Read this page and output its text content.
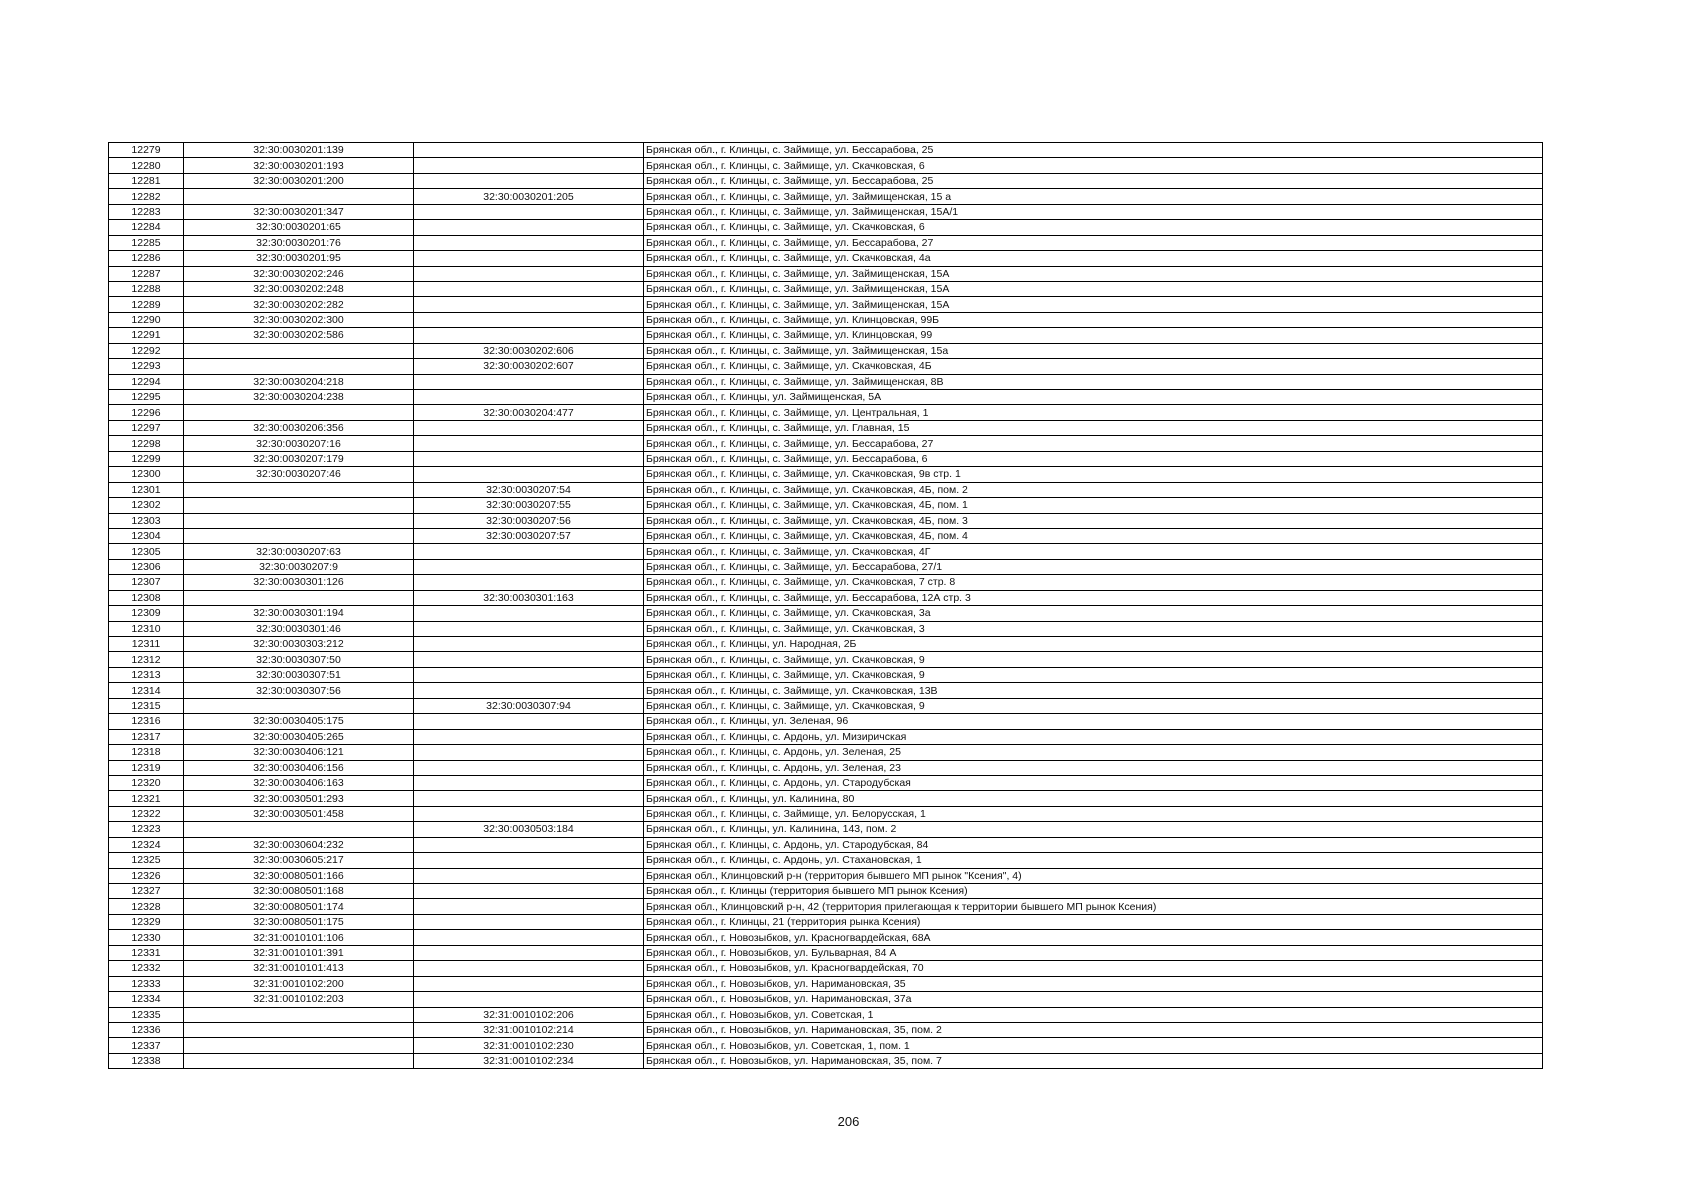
12279	32:30:0030201:139		Брянская обл., г. Клинцы, с. Займище, ул. Бессарабова, 25
12280	32:30:0030201:193		Брянская обл., г. Клинцы, с. Займище, ул. Скачковская, 6
12281	32:30:0030201:200		Брянская обл., г. Клинцы, с. Займище, ул. Бессарабова, 25
12282		32:30:0030201:205	Брянская обл., г. Клинцы, с. Займище, ул. Займищенская, 15 а
12283	32:30:0030201:347		Брянская обл., г. Клинцы, с. Займище, ул. Займищенская, 15А/1
12284	32:30:0030201:65		Брянская обл., г. Клинцы, с. Займище, ул. Скачковская, 6
12285	32:30:0030201:76		Брянская обл., г. Клинцы, с. Займище, ул. Бессарабова, 27
12286	32:30:0030201:95		Брянская обл., г. Клинцы, с. Займище, ул. Скачковская, 4а
12287	32:30:0030202:246		Брянская обл., г. Клинцы, с. Займище, ул. Займищенская, 15А
12288	32:30:0030202:248		Брянская обл., г. Клинцы, с. Займище, ул. Займищенская, 15А
12289	32:30:0030202:282		Брянская обл., г. Клинцы, с. Займище, ул. Займищенская, 15А
12290	32:30:0030202:300		Брянская обл., г. Клинцы, с. Займище, ул. Клинцовская, 99Б
12291	32:30:0030202:586		Брянская обл., г. Клинцы, с. Займище, ул. Клинцовская, 99
12292		32:30:0030202:606	Брянская обл., г. Клинцы, с. Займище, ул. Займищенская, 15а
12293		32:30:0030202:607	Брянская обл., г. Клинцы, с. Займище, ул. Скачковская, 4Б
12294	32:30:0030204:218		Брянская обл., г. Клинцы, с. Займище, ул. Займищенская, 8В
12295	32:30:0030204:238		Брянская обл., г. Клинцы, ул. Займищенская, 5А
12296		32:30:0030204:477	Брянская обл., г. Клинцы, с. Займище, ул. Центральная, 1
12297	32:30:0030206:356		Брянская обл., г. Клинцы, с. Займище, ул. Главная, 15
12298	32:30:0030207:16		Брянская обл., г. Клинцы, с. Займище, ул. Бессарабова, 27
12299	32:30:0030207:179		Брянская обл., г. Клинцы, с. Займище, ул. Бессарабова, 6
12300	32:30:0030207:46		Брянская обл., г. Клинцы, с. Займище, ул. Скачковская, 9в стр. 1
12301		32:30:0030207:54	Брянская обл., г. Клинцы, с. Займище, ул. Скачковская, 4Б, пом. 2
12302		32:30:0030207:55	Брянская обл., г. Клинцы, с. Займище, ул. Скачковская, 4Б, пом. 1
12303		32:30:0030207:56	Брянская обл., г. Клинцы, с. Займище, ул. Скачковская, 4Б, пом. 3
12304		32:30:0030207:57	Брянская обл., г. Клинцы, с. Займище, ул. Скачковская, 4Б, пом. 4
12305	32:30:0030207:63		Брянская обл., г. Клинцы, с. Займище, ул. Скачковская, 4Г
12306	32:30:0030207:9		Брянская обл., г. Клинцы, с. Займище, ул. Бессарабова, 27/1
12307	32:30:0030301:126		Брянская обл., г. Клинцы, с. Займище, ул. Скачковская, 7 стр. 8
12308		32:30:0030301:163	Брянская обл., г. Клинцы, с. Займище, ул. Бессарабова, 12А стр. 3
12309	32:30:0030301:194		Брянская обл., г. Клинцы, с. Займище, ул. Скачковская, 3а
12310	32:30:0030301:46		Брянская обл., г. Клинцы, с. Займище, ул. Скачковская, 3
12311	32:30:0030303:212		Брянская обл., г. Клинцы, ул. Народная, 2Б
12312	32:30:0030307:50		Брянская обл., г. Клинцы, с. Займище, ул. Скачковская, 9
12313	32:30:0030307:51		Брянская обл., г. Клинцы, с. Займище, ул. Скачковская, 9
12314	32:30:0030307:56		Брянская обл., г. Клинцы, с. Займище, ул. Скачковская, 13В
12315		32:30:0030307:94	Брянская обл., г. Клинцы, с. Займище, ул. Скачковская, 9
12316	32:30:0030405:175		Брянская обл., г. Клинцы, ул. Зеленая, 96
12317	32:30:0030405:265		Брянская обл., г. Клинцы, с. Ардонь, ул. Мизиричская
12318	32:30:0030406:121		Брянская обл., г. Клинцы, с. Ардонь, ул. Зеленая, 25
12319	32:30:0030406:156		Брянская обл., г. Клинцы, с. Ардонь, ул. Зеленая, 23
12320	32:30:0030406:163		Брянская обл., г. Клинцы, с. Ардонь, ул. Стародубская
12321	32:30:0030501:293		Брянская обл., г. Клинцы, ул. Калинина, 80
12322	32:30:0030501:458		Брянская обл., г. Клинцы, с. Займище, ул. Белорусская, 1
12323		32:30:0030503:184	Брянская обл., г. Клинцы, ул. Калинина, 143, пом. 2
12324	32:30:0030604:232		Брянская обл., г. Клинцы, с. Ардонь, ул. Стародубская, 84
12325	32:30:0030605:217		Брянская обл., г. Клинцы, с. Ардонь, ул. Стахановская, 1
12326	32:30:0080501:166		Брянская обл., Клинцовский р-н (территория бывшего МП рынок "Ксения", 4)
12327	32:30:0080501:168		Брянская обл., г. Клинцы (территория бывшего МП рынок Ксения)
12328	32:30:0080501:174		Брянская обл., Клинцовский р-н, 42 (территория прилегающая к территории бывшего МП рынок Ксения)
12329	32:30:0080501:175		Брянская обл., г. Клинцы, 21 (территория рынка Ксения)
12330	32:31:0010101:106		Брянская обл., г. Новозыбков, ул. Красногвардейская, 68А
12331	32:31:0010101:391		Брянская обл., г. Новозыбков, ул. Бульварная, 84 А
12332	32:31:0010101:413		Брянская обл., г. Новозыбков, ул. Красногвардейская, 70
12333	32:31:0010102:200		Брянская обл., г. Новозыбков, ул. Наримановская, 35
12334	32:31:0010102:203		Брянская обл., г. Новозыбков, ул. Наримановская, 37а
12335		32:31:0010102:206	Брянская обл., г. Новозыбков, ул. Советская, 1
12336		32:31:0010102:214	Брянская обл., г. Новозыбков, ул. Наримановская, 35, пом. 2
12337		32:31:0010102:230	Брянская обл., г. Новозыбков, ул. Советская, 1, пом. 1
12338		32:31:0010102:234	Брянская обл., г. Новозыбков, ул. Наримановская, 35, пом. 7
206
